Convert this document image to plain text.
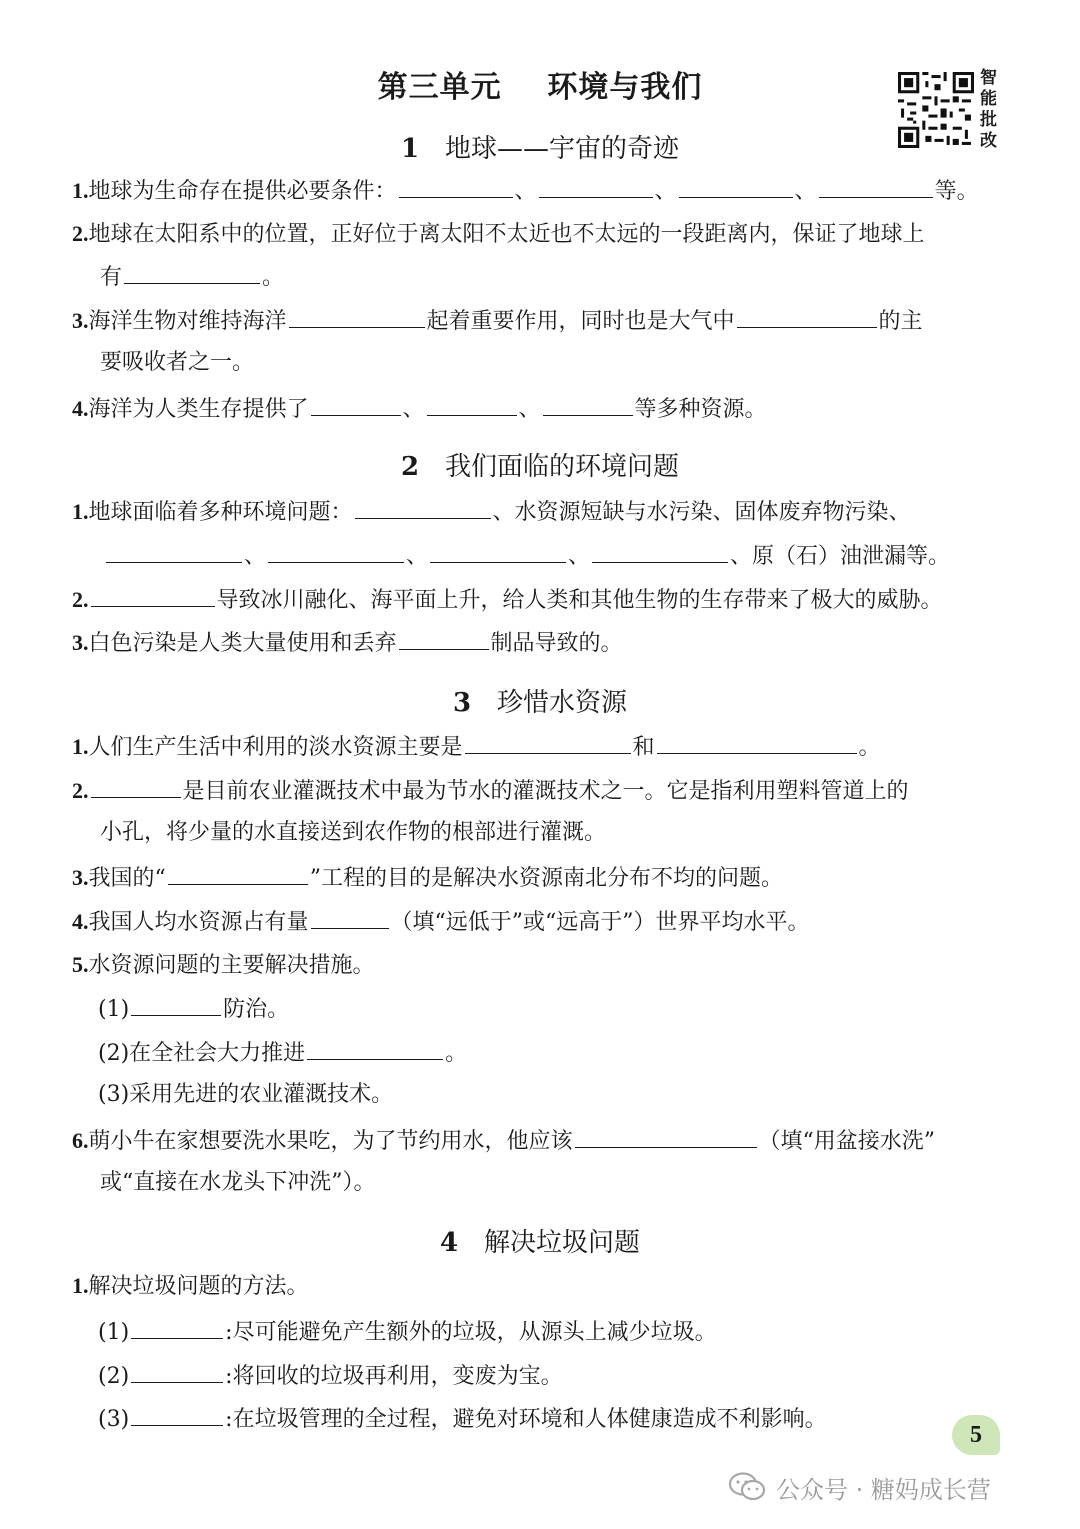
第三单元    环境与我们	智
能
批
改
1 地球——宇宙的奇迹
1.地球为生命存在提供必要条件：	、	、	、	等。
2.地球在太阳系中的位置，正好位于离太阳不太近也不太远的一段距离内，保证了地球上
有	。
3.海洋生物对维持海洋	起着重要作用，同时也是大气中	的主
要吸收者之一。
4.海洋为人类生存提供了	、	、	等多种资源。
2 我们面临的环境问题
1.地球面临着多种环境问题：	、水资源短缺与水污染、固体废弃物污染、
、	、	、	、原（石）油泄漏等。
2.	导致冰川融化、海平面上升，给人类和其他生物的生存带来了极大的威胁。
3.白色污染是人类大量使用和丢弃	制品导致的。
3 珍惜水资源
1.人们生产生活中利用的淡水资源主要是	和	。
2.	是目前农业灌溉技术中最为节水的灌溉技术之一。它是指利用塑料管道上的
小孔，将少量的水直接送到农作物的根部进行灌溉。
3.我国的“	”工程的目的是解决水资源南北分布不均的问题。
4.我国人均水资源占有量	（填“远低于”或“远高于”）世界平均水平。
5.水资源问题的主要解决措施。
(1)	防治。
(2)在全社会大力推进	。
(3)采用先进的农业灌溉技术。
6.萌小牛在家想要洗水果吃，为了节约用水，他应该	（填“用盆接水洗”
或“直接在水龙头下冲洗”）。
4 解决垃圾问题
1.解决垃圾问题的方法。
(1)	:尽可能避免产生额外的垃圾，从源头上减少垃圾。
(2)	:将回收的垃圾再利用，变废为宝。
(3)	:在垃圾管理的全过程，避免对环境和人体健康造成不利影响。
5
公众号 · 糖妈成长营
